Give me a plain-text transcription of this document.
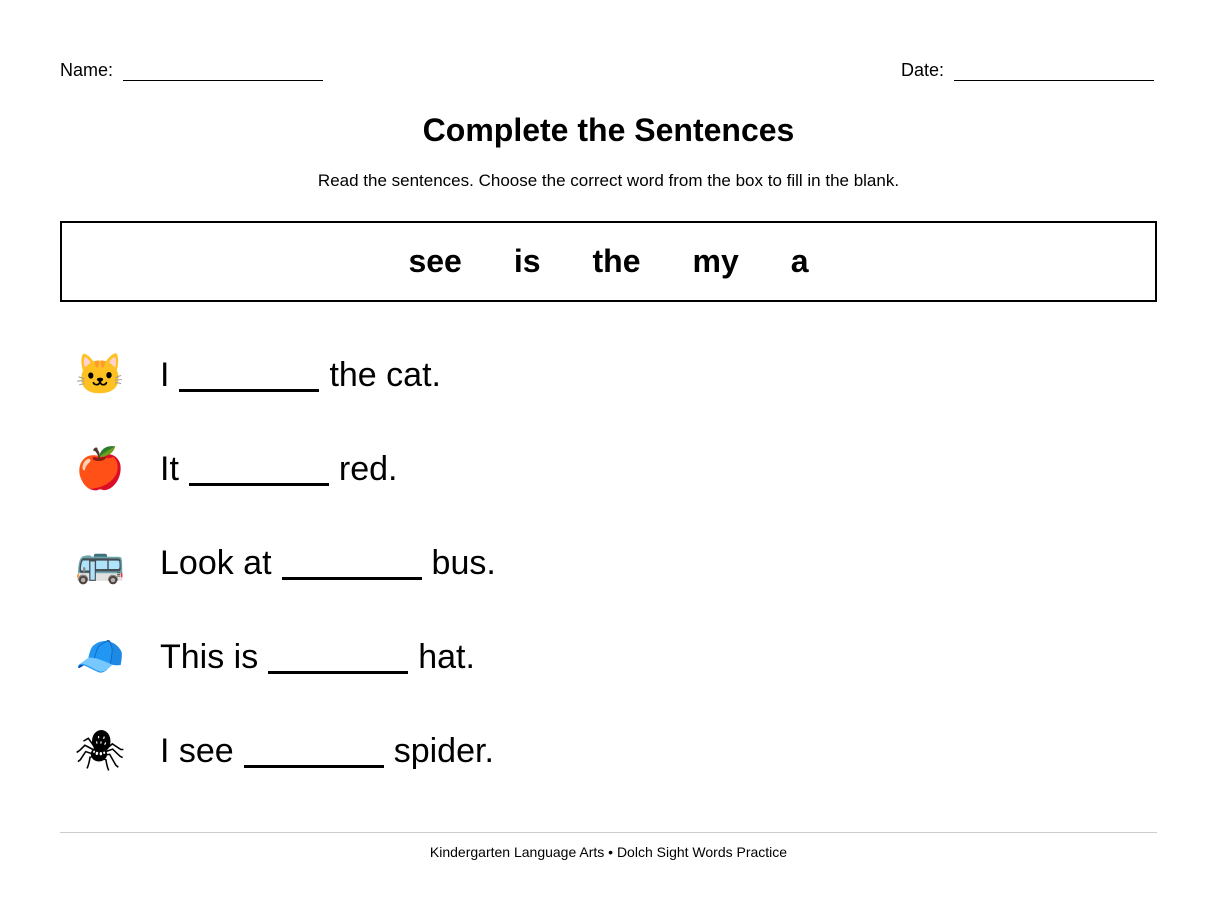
Name:	Date:
Complete the Sentences
Read the sentences. Choose the correct word from the box to fill in the blank.
see is the my a
🐱 I	the cat.
🍎 It	red.
🚌 Look at	bus.
🧢 This is	hat.
🕷 I see	spider.
Kindergarten Language Arts • Dolch Sight Words Practice
